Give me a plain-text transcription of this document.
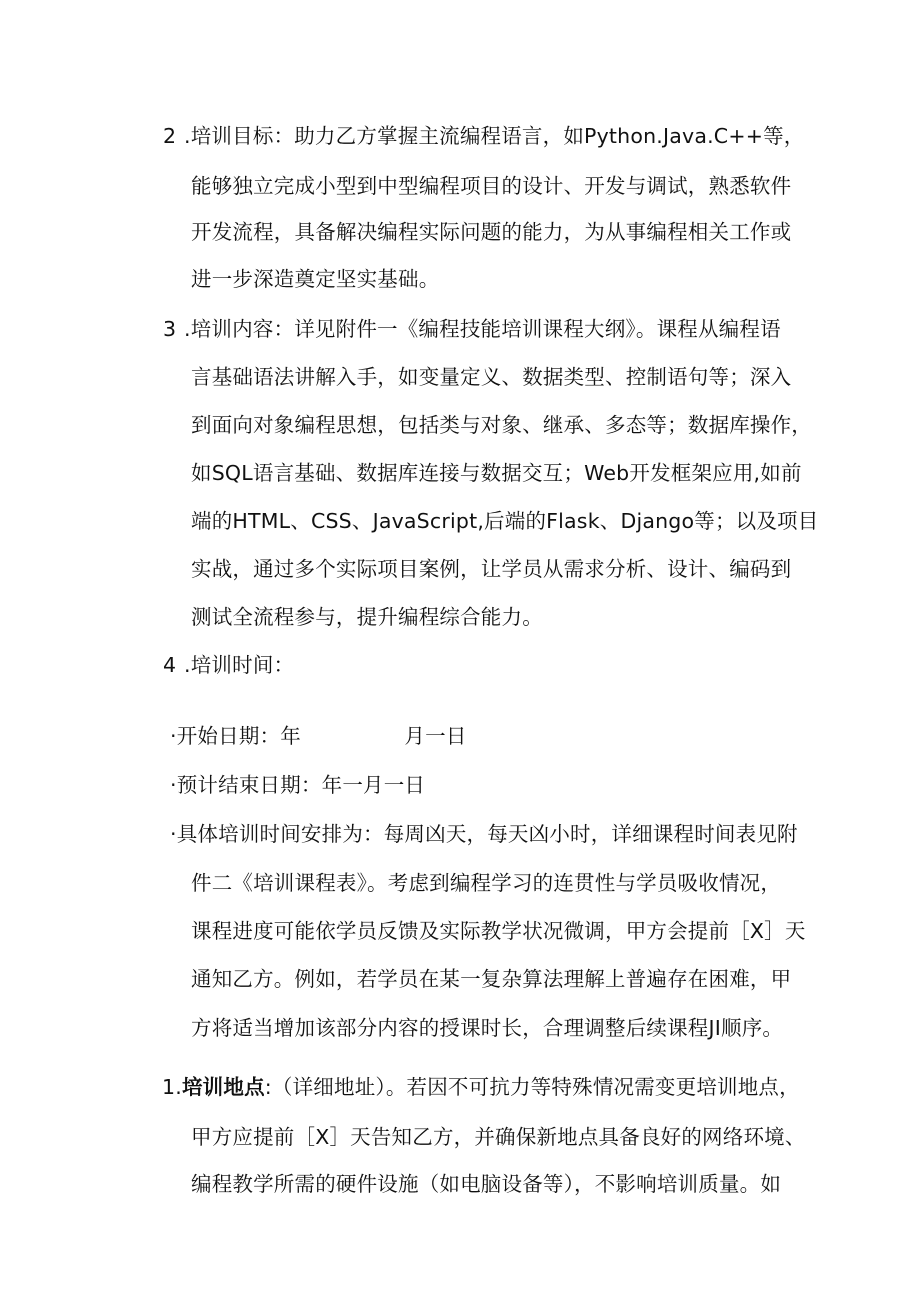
2 .培训目标：助力乙方掌握主流编程语言，如Python.Java.C++等，
能够独立完成小型到中型编程项目的设计、开发与调试，熟悉软件
开发流程，具备解决编程实际问题的能力，为从事编程相关工作或
进一步深造奠定坚实基础。
3 .培训内容：详见附件一《编程技能培训课程大纲》。课程从编程语
言基础语法讲解入手，如变量定义、数据类型、控制语句等；深入
到面向对象编程思想，包括类与对象、继承、多态等；数据库操作，
如SQL语言基础、数据库连接与数据交互；Web开发框架应用,如前
端的HTML、CSS、JavaScript,后端的Flask、Django等；以及项目
实战，通过多个实际项目案例，让学员从需求分析、设计、编码到
测试全流程参与，提升编程综合能力。
4 .培训时间：
·开始日期：年　　　　　月一日
·预计结束日期：年一月一日
·具体培训时间安排为：每周凶天，每天凶小时，详细课程时间表见附
件二《培训课程表》。考虑到编程学习的连贯性与学员吸收情况，
课程进度可能依学员反馈及实际教学状况微调，甲方会提前［X］天
通知乙方。例如，若学员在某一复杂算法理解上普遍存在困难，甲
方将适当增加该部分内容的授课时长，合理调整后续课程JI顺序。
1.培训地点:（详细地址）。若因不可抗力等特殊情况需变更培训地点，
甲方应提前［X］天告知乙方，并确保新地点具备良好的网络环境、
编程教学所需的硬件设施（如电脑设备等），不影响培训质量。如
